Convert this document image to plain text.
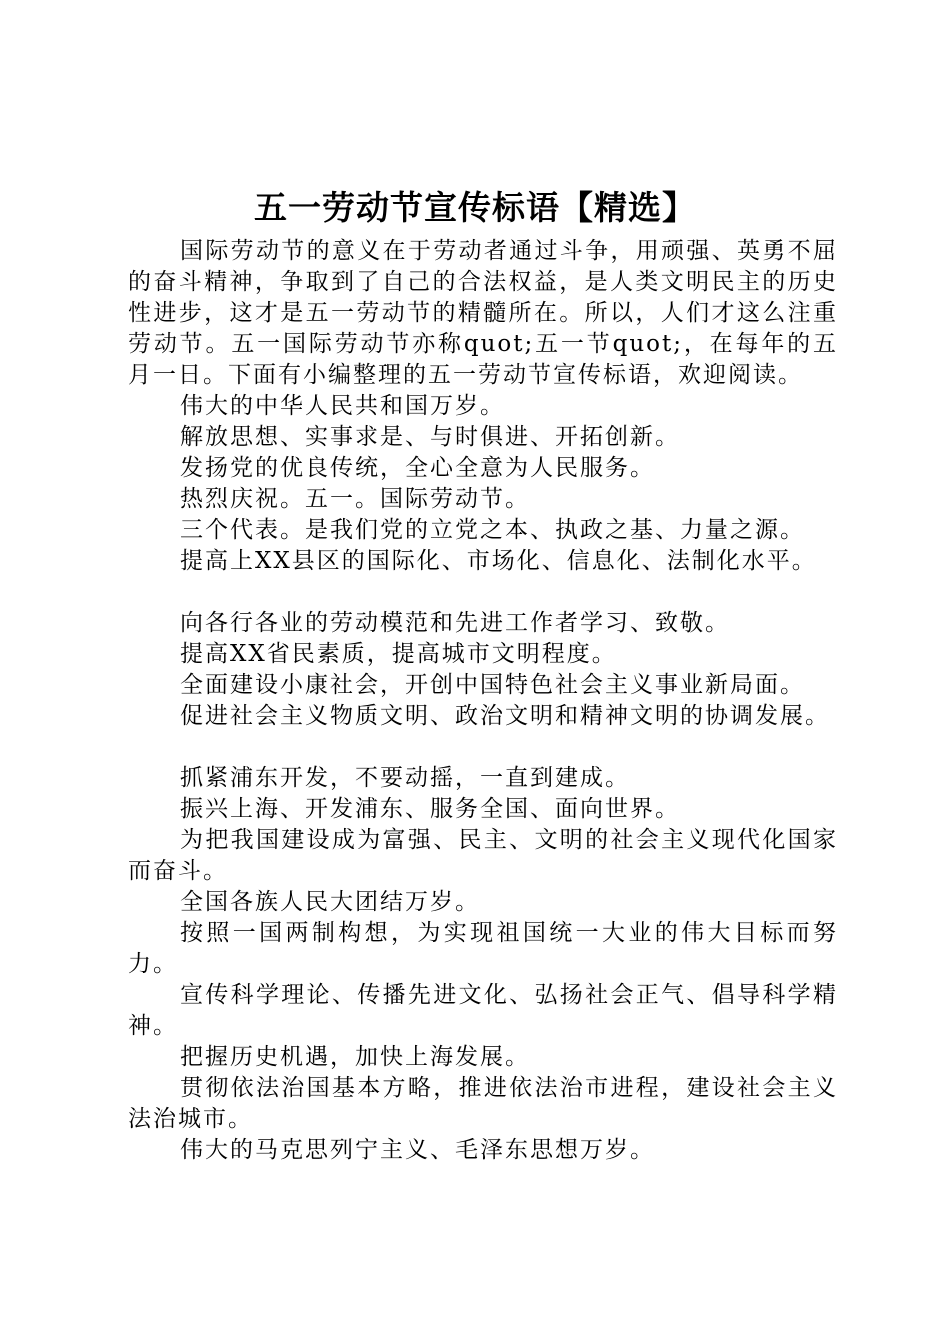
五一劳动节宣传标语【精选】

国际劳动节的意义在于劳动者通过斗争，用顽强、英勇不屈的奋斗精神，争取到了自己的合法权益，是人类文明民主的历史性进步，这才是五一劳动节的精髓所在。所以，人们才这么注重劳动节。五一国际劳动节亦称quot;五一节quot;，在每年的五月一日。下面有小编整理的五一劳动节宣传标语，欢迎阅读。

伟大的中华人民共和国万岁。

解放思想、实事求是、与时俱进、开拓创新。

发扬党的优良传统，全心全意为人民服务。

热烈庆祝。五一。国际劳动节。

三个代表。是我们党的立党之本、执政之基、力量之源。

提高上XX县区的国际化、市场化、信息化、法制化水平。

向各行各业的劳动模范和先进工作者学习、致敬。

提高XX省民素质，提高城市文明程度。

全面建设小康社会，开创中国特色社会主义事业新局面。

促进社会主义物质文明、政治文明和精神文明的协调发展。

抓紧浦东开发，不要动摇，一直到建成。

振兴上海、开发浦东、服务全国、面向世界。

为把我国建设成为富强、民主、文明的社会主义现代化国家而奋斗。

全国各族人民大团结万岁。

按照一国两制构想，为实现祖国统一大业的伟大目标而努力。

宣传科学理论、传播先进文化、弘扬社会正气、倡导科学精神。

把握历史机遇，加快上海发展。

贯彻依法治国基本方略，推进依法治市进程，建设社会主义法治城市。

伟大的马克思列宁主义、毛泽东思想万岁。
